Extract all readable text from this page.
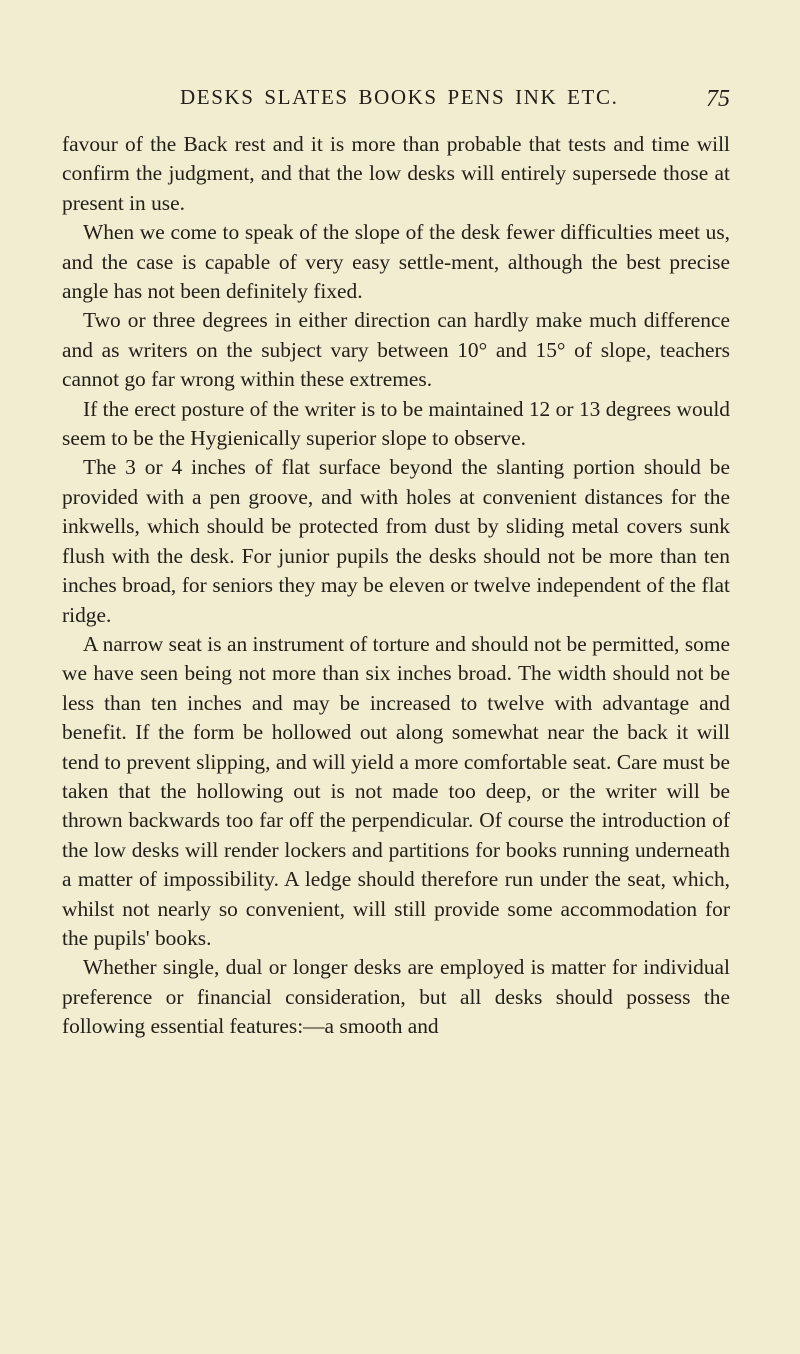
DESKS SLATES BOOKS PENS INK ETC.	75

favour of the Back rest and it is more than probable that tests and time will confirm the judgment, and that the low desks will entirely supersede those at present in use.

When we come to speak of the slope of the desk fewer difficulties meet us, and the case is capable of very easy settle-ment, although the best precise angle has not been definitely fixed.

Two or three degrees in either direction can hardly make much difference and as writers on the subject vary between 10° and 15° of slope, teachers cannot go far wrong within these extremes.

If the erect posture of the writer is to be maintained 12 or 13 degrees would seem to be the Hygienically superior slope to observe.

The 3 or 4 inches of flat surface beyond the slanting portion should be provided with a pen groove, and with holes at convenient distances for the inkwells, which should be protected from dust by sliding metal covers sunk flush with the desk. For junior pupils the desks should not be more than ten inches broad, for seniors they may be eleven or twelve independent of the flat ridge.

A narrow seat is an instrument of torture and should not be permitted, some we have seen being not more than six inches broad. The width should not be less than ten inches and may be increased to twelve with advantage and benefit. If the form be hollowed out along somewhat near the back it will tend to prevent slipping, and will yield a more comfortable seat. Care must be taken that the hollowing out is not made too deep, or the writer will be thrown backwards too far off the perpendicular. Of course the introduction of the low desks will render lockers and partitions for books running underneath a matter of impossibility. A ledge should therefore run under the seat, which, whilst not nearly so convenient, will still provide some accommodation for the pupils' books.

Whether single, dual or longer desks are employed is matter for individual preference or financial consideration, but all desks should possess the following essential features:—a smooth and
